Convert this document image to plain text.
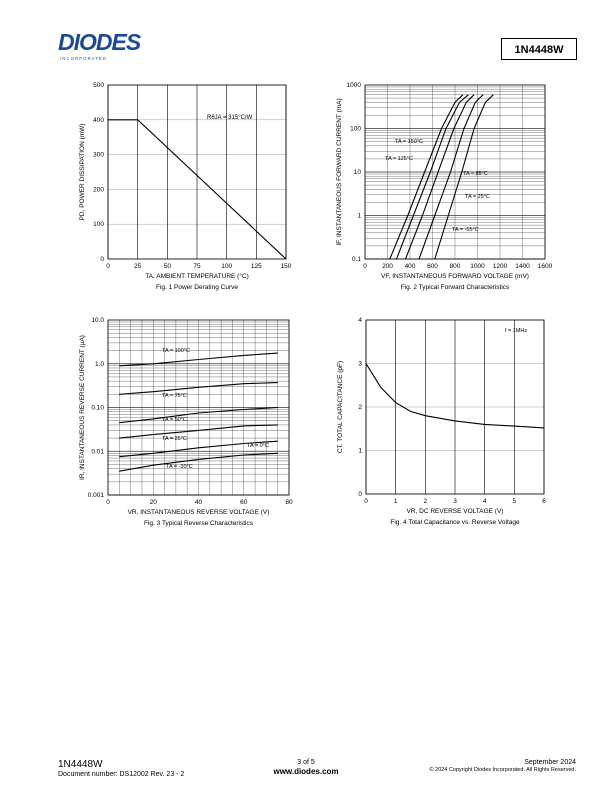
DIODES
I N C O R P O R A T E D
1N4448W
0	25	50	75	100	125	150
0
100
200
300
400
500
TA, AMBIENT TEMPERATURE (°C)
PD, POWER DISSIPATION (mW)
Fig. 1 Power Derating Curve
RθJA = 315°C/W
0 200 400 600 800 1000 1200 1400 1600
0.1
1
10
100
1000
VF, INSTANTANEOUS FORWARD VOLTAGE (mV)
IF, INSTANTANEOUS FORWARD CURRENT (mA)
Fig. 2 Typical Forward Characteristics
TA = 150°C
TA = 125°C
TA = 85°C
TA = 25°C
TA = -55°C
0	20	40	60	80
0.001
0.01
0.10
1.0
10.0
VR, INSTANTANEOUS REVERSE VOLTAGE (V)
IR, INSTANTANEOUS REVERSE CURRENT (µA)
Fig. 3 Typical Reverse Characteristics
TA = 100°C
TA = 75°C
TA = 50°C
TA = 25°C
TA = 0°C
TA = -30°C
0	1	2	3	4	5	6
0
1
2
3
4
VR, DC REVERSE VOLTAGE (V)
CT, TOTAL CAPACITANCE (pF)
Fig. 4 Total Capacitance vs. Reverse Voltage
f = 1MHz
1N4448W
Document number: DS12002 Rev. 23 - 2
3 of 5
www.diodes.com
September 2024
© 2024 Copyright Diodes Incorporated. All Rights Reserved.
